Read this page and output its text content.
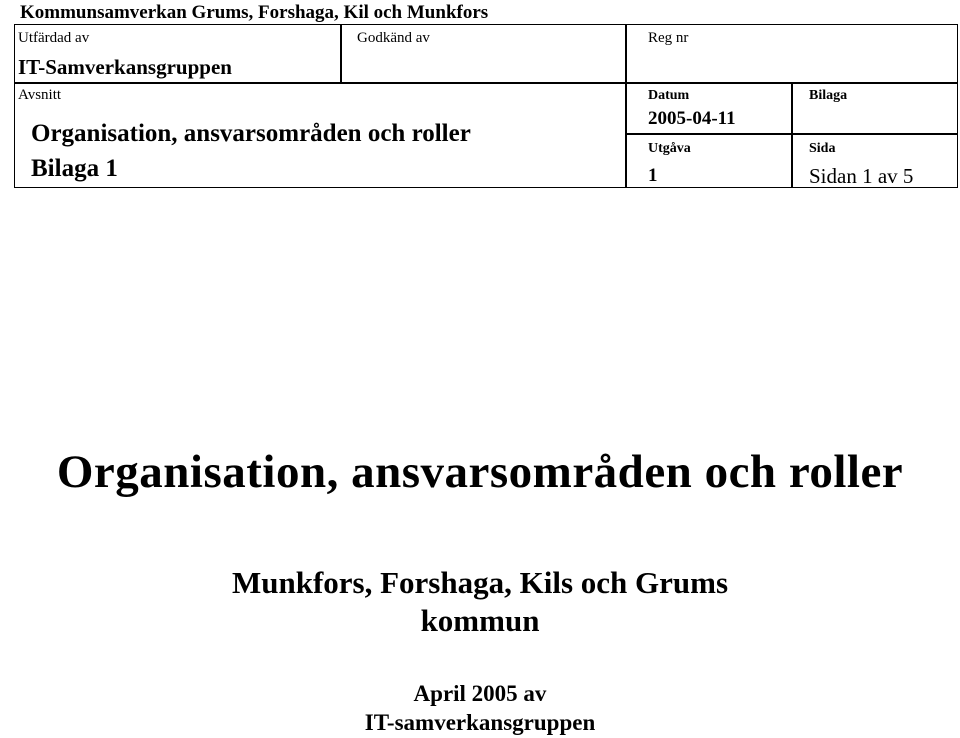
Kommunsamverkan Grums, Forshaga, Kil och Munkfors
Utfärdad av
IT-Samverkansgruppen
Godkänd av	Reg nr
Avsnitt
Organisation, ansvarsområden och roller
Bilaga 1
Datum
2005-04-11
Bilaga
Utgåva
1
Sida
Sidan 1 av 5
Organisation, ansvarsområden och roller
Munkfors, Forshaga, Kils och Grums
kommun
April 2005 av
IT-samverkansgruppen
